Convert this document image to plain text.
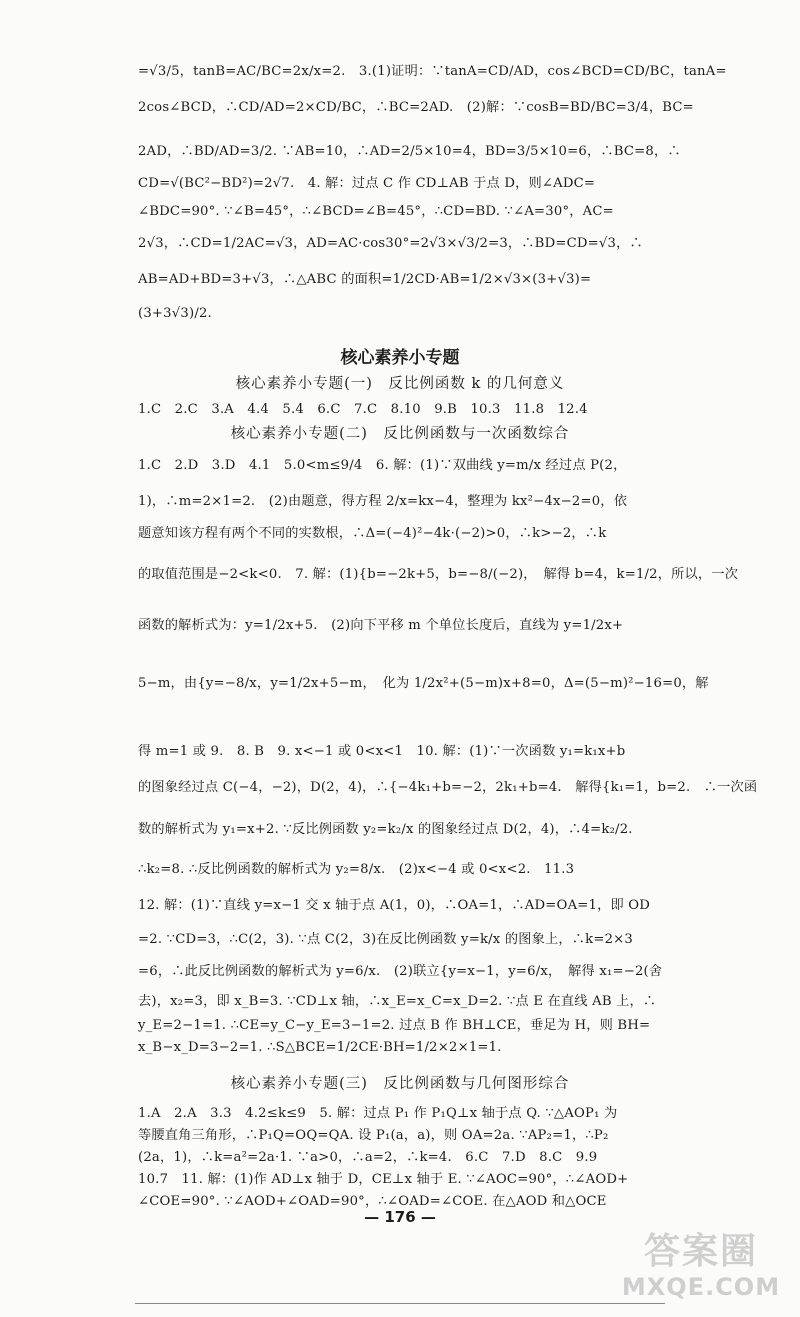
=√3/5，tanB=AC/BC=2x/x=2.　3.(1)证明：∵tanA=CD/AD，cos∠BCD=CD/BC，tanA=
2cos∠BCD，∴CD/AD=2×CD/BC，∴BC=2AD.　(2)解：∵cosB=BD/BC=3/4，BC=
2AD，∴BD/AD=3/2. ∵AB=10，∴AD=2/5×10=4，BD=3/5×10=6，∴BC=8，∴
CD=√(BC²−BD²)=2√7.　4. 解：过点 C 作 CD⊥AB 于点 D，则∠ADC=
∠BDC=90°. ∵∠B=45°，∴∠BCD=∠B=45°，∴CD=BD. ∵∠A=30°，AC=
2√3，∴CD=1/2AC=√3，AD=AC·cos30°=2√3×√3/2=3，∴BD=CD=√3，∴
AB=AD+BD=3+√3，∴△ABC 的面积=1/2CD·AB=1/2×√3×(3+√3)=
(3+3√3)/2.
核心素养小专题
核心素养小专题(一)　反比例函数 k 的几何意义
1.C　2.C　3.A　4.4　5.4　6.C　7.C　8.10　9.B　10.3　11.8　12.4
核心素养小专题(二)　反比例函数与一次函数综合
1.C　2.D　3.D　4.1　5.0<m≤9/4　6. 解：(1)∵双曲线 y=m/x 经过点 P(2，
1)，∴m=2×1=2.　(2)由题意，得方程 2/x=kx−4，整理为 kx²−4x−2=0，依
题意知该方程有两个不同的实数根，∴Δ=(−4)²−4k·(−2)>0，∴k>−2，∴k
的取值范围是−2<k<0.　7. 解：(1){b=−2k+5，b=−8/(−2)，　解得 b=4，k=1/2，所以，一次
函数的解析式为：y=1/2x+5.　(2)向下平移 m 个单位长度后，直线为 y=1/2x+
5−m，由{y=−8/x，y=1/2x+5−m，　化为 1/2x²+(5−m)x+8=0，Δ=(5−m)²−16=0，解
得 m=1 或 9.　8. B　9. x<−1 或 0<x<1　10. 解：(1)∵一次函数 y₁=k₁x+b
的图象经过点 C(−4，−2)，D(2，4)，∴{−4k₁+b=−2，2k₁+b=4.　解得{k₁=1，b=2.　∴一次函
数的解析式为 y₁=x+2. ∵反比例函数 y₂=k₂/x 的图象经过点 D(2，4)，∴4=k₂/2.
∴k₂=8. ∴反比例函数的解析式为 y₂=8/x.　(2)x<−4 或 0<x<2.　11.3
12. 解：(1)∵直线 y=x−1 交 x 轴于点 A(1，0)，∴OA=1，∴AD=OA=1，即 OD
=2. ∵CD=3，∴C(2，3). ∵点 C(2，3)在反比例函数 y=k/x 的图象上，∴k=2×3
=6，∴此反比例函数的解析式为 y=6/x.　(2)联立{y=x−1，y=6/x，　解得 x₁=−2(舍
去)，x₂=3，即 x_B=3. ∵CD⊥x 轴，∴x_E=x_C=x_D=2. ∵点 E 在直线 AB 上，∴
y_E=2−1=1. ∴CE=y_C−y_E=3−1=2. 过点 B 作 BH⊥CE，垂足为 H，则 BH=
x_B−x_D=3−2=1. ∴S△BCE=1/2CE·BH=1/2×2×1=1.
核心素养小专题(三)　反比例函数与几何图形综合
1.A　2.A　3.3　4.2≤k≤9　5. 解：过点 P₁ 作 P₁Q⊥x 轴于点 Q. ∵△AOP₁ 为
等腰直角三角形，∴P₁Q=OQ=QA. 设 P₁(a，a)，则 OA=2a. ∵AP₂=1，∴P₂
(2a，1)，∴k=a²=2a·1. ∵a>0，∴a=2，∴k=4.　6.C　7.D　8.C　9.9
10.7　11. 解：(1)作 AD⊥x 轴于 D，CE⊥x 轴于 E. ∵∠AOC=90°，∴∠AOD+
∠COE=90°. ∵∠AOD+∠OAD=90°，∴∠OAD=∠COE. 在△AOD 和△OCE
— 176 —
答案圈
MXQE.COM
